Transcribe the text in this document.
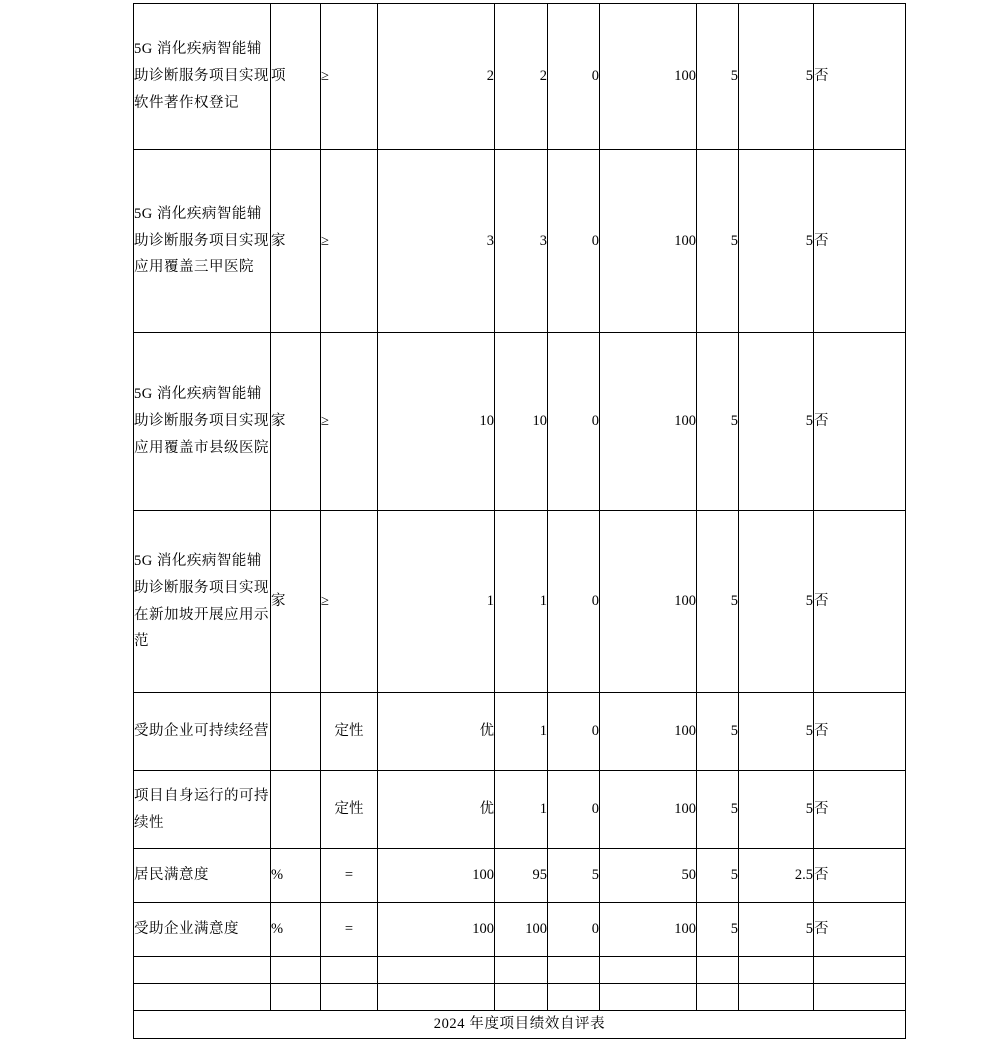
5G 消化疾病智能辅助诊断服务项目实现软件著作权登记	项	≥	2	2	0	100	5	5	否
5G 消化疾病智能辅助诊断服务项目实现应用覆盖三甲医院	家	≥	3	3	0	100	5	5	否
5G 消化疾病智能辅助诊断服务项目实现应用覆盖市县级医院	家	≥	10	10	0	100	5	5	否
5G 消化疾病智能辅助诊断服务项目实现在新加坡开展应用示范	家	≥	1	1	0	100	5	5	否
受助企业可持续经营		定性	优	1	0	100	5	5	否
项目自身运行的可持续性		定性	优	1	0	100	5	5	否
居民满意度	%	=	100	95	5	50	5	2.5	否
受助企业满意度	%	=	100	100	0	100	5	5	否

2024 年度项目绩效自评表									
